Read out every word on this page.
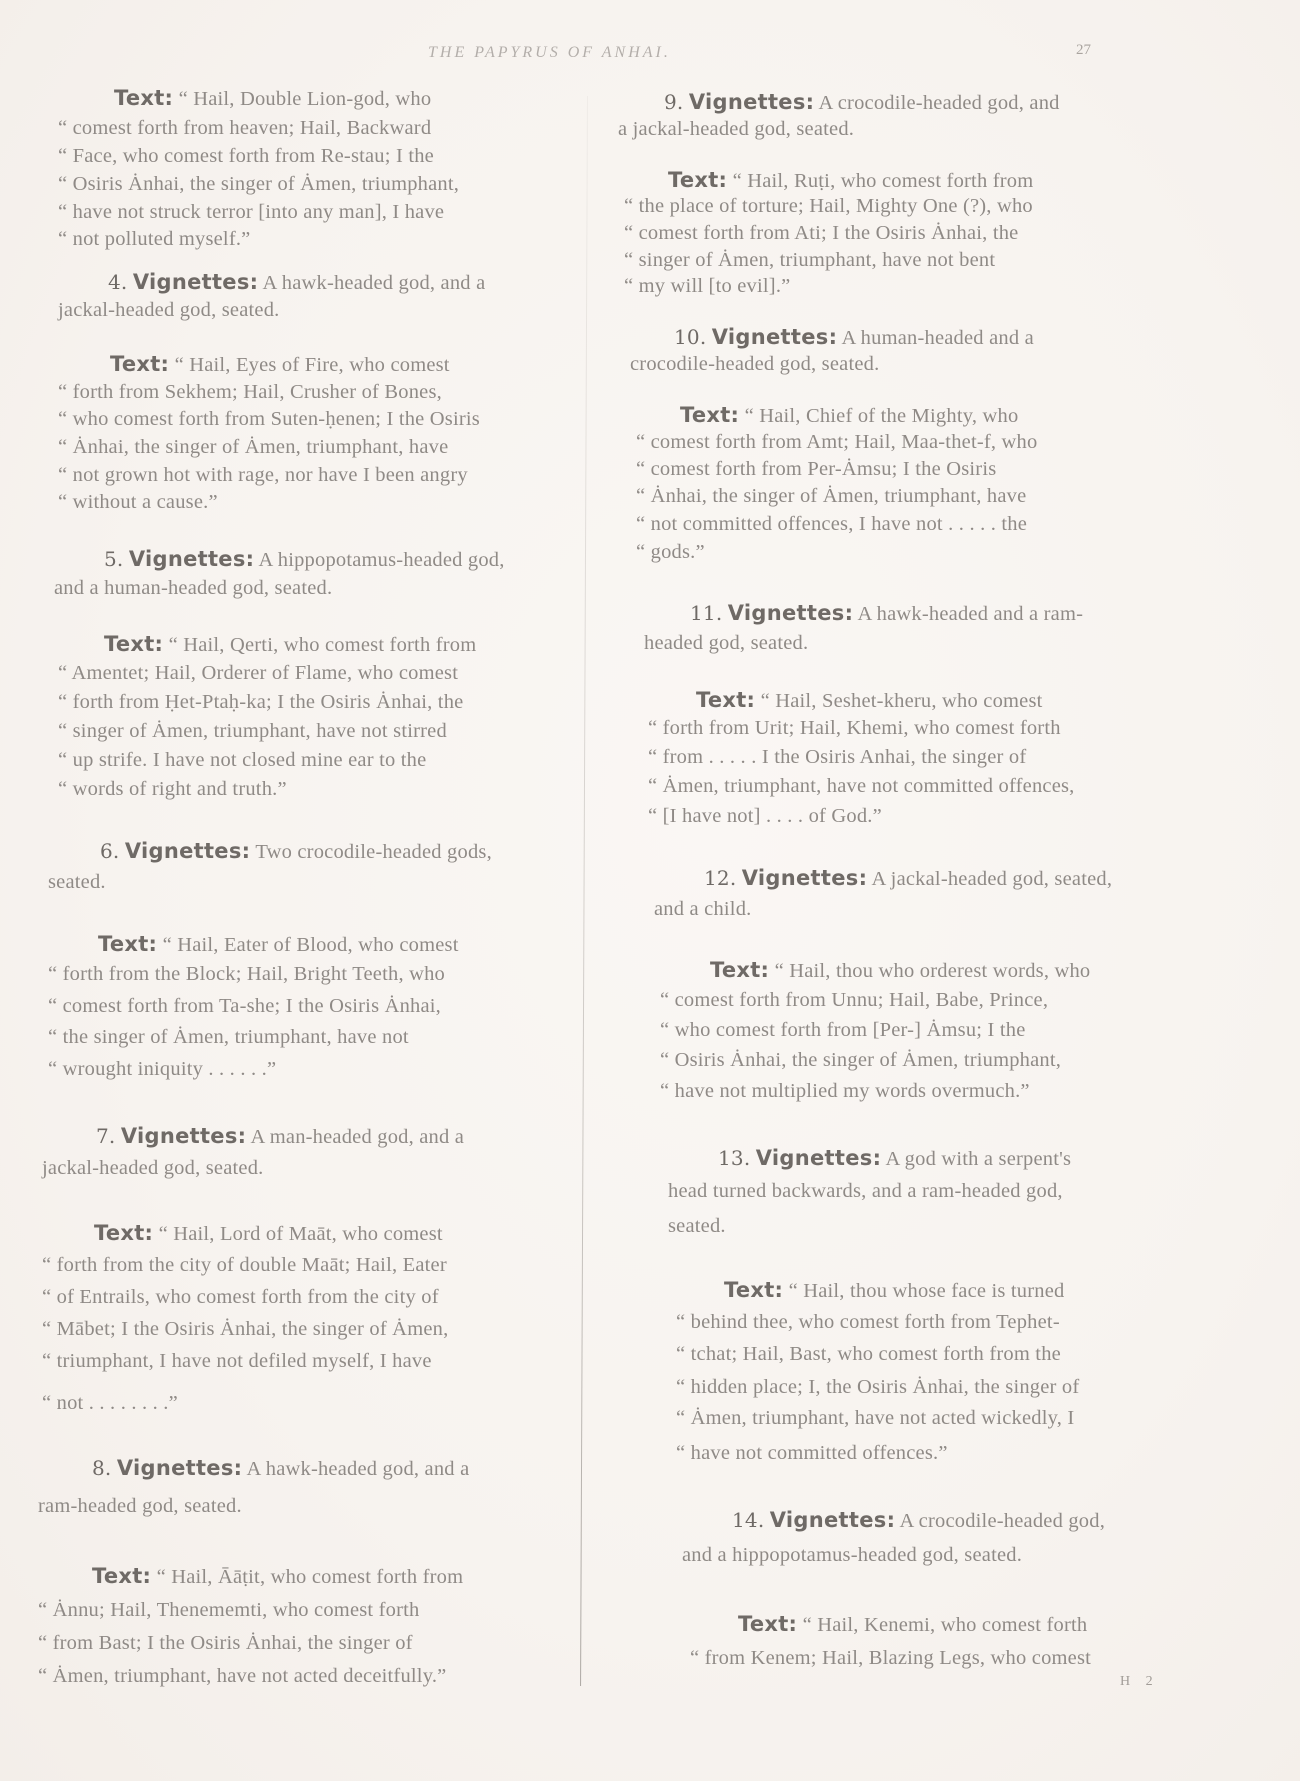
THE PAPYRUS OF ANHAI.	27
Text: “ Hail, Double Lion-god, who
“ comest forth from heaven; Hail, Backward
“ Face, who comest forth from Re-stau; I the
“ Osiris Ȧnhai, the singer of Ȧmen, triumphant,
“ have not struck terror [into any man], I have
“ not polluted myself.”
4. Vignettes: A hawk-headed god, and a
jackal-headed god, seated.
Text: “ Hail, Eyes of Fire, who comest
“ forth from Sekhem; Hail, Crusher of Bones,
“ who comest forth from Suten-ḥenen; I the Osiris
“ Ȧnhai, the singer of Ȧmen, triumphant, have
“ not grown hot with rage, nor have I been angry
“ without a cause.”
5. Vignettes: A hippopotamus-headed god,
and a human-headed god, seated.
Text: “ Hail, Qerti, who comest forth from
“ Amentet; Hail, Orderer of Flame, who comest
“ forth from Ḥet-Ptaḥ-ka; I the Osiris Ȧnhai, the
“ singer of Ȧmen, triumphant, have not stirred
“ up strife. I have not closed mine ear to the
“ words of right and truth.”
6. Vignettes: Two crocodile-headed gods,
seated.
Text: “ Hail, Eater of Blood, who comest
“ forth from the Block; Hail, Bright Teeth, who
“ comest forth from Ta-she; I the Osiris Ȧnhai,
“ the singer of Ȧmen, triumphant, have not
“ wrought iniquity . . . . . .”
7. Vignettes: A man-headed god, and a
jackal-headed god, seated.
Text: “ Hail, Lord of Maāt, who comest
“ forth from the city of double Maāt; Hail, Eater
“ of Entrails, who comest forth from the city of
“ Mābet; I the Osiris Ȧnhai, the singer of Ȧmen,
“ triumphant, I have not defiled myself, I have
“ not . . . . . . . .”
8. Vignettes: A hawk-headed god, and a
ram-headed god, seated.
Text: “ Hail, Āāṭit, who comest forth from
“ Ȧnnu; Hail, Thenememti, who comest forth
“ from Bast; I the Osiris Ȧnhai, the singer of
“ Ȧmen, triumphant, have not acted deceitfully.”
9. Vignettes: A crocodile-headed god, and
a jackal-headed god, seated.
Text: “ Hail, Ruṭi, who comest forth from
“ the place of torture; Hail, Mighty One (?), who
“ comest forth from Ati; I the Osiris Ȧnhai, the
“ singer of Ȧmen, triumphant, have not bent
“ my will [to evil].”
10. Vignettes: A human-headed and a
crocodile-headed god, seated.
Text: “ Hail, Chief of the Mighty, who
“ comest forth from Amt; Hail, Maa-thet-f, who
“ comest forth from Per-Ȧmsu; I the Osiris
“ Ȧnhai, the singer of Ȧmen, triumphant, have
“ not committed offences, I have not . . . . . the
“ gods.”
11. Vignettes: A hawk-headed and a ram-
headed god, seated.
Text: “ Hail, Seshet-kheru, who comest
“ forth from Urit; Hail, Khemi, who comest forth
“ from . . . . . I the Osiris Anhai, the singer of
“ Ȧmen, triumphant, have not committed offences,
“ [I have not] . . . . of God.”
12. Vignettes: A jackal-headed god, seated,
and a child.
Text: “ Hail, thou who orderest words, who
“ comest forth from Unnu; Hail, Babe, Prince,
“ who comest forth from [Per-] Ȧmsu; I the
“ Osiris Ȧnhai, the singer of Ȧmen, triumphant,
“ have not multiplied my words overmuch.”
13. Vignettes: A god with a serpent's
head turned backwards, and a ram-headed god,
seated.
Text: “ Hail, thou whose face is turned
“ behind thee, who comest forth from Tephet-
“ tchat; Hail, Bast, who comest forth from the
“ hidden place; I, the Osiris Ȧnhai, the singer of
“ Ȧmen, triumphant, have not acted wickedly, I
“ have not committed offences.”
14. Vignettes: A crocodile-headed god,
and a hippopotamus-headed god, seated.
Text: “ Hail, Kenemi, who comest forth
“ from Kenem; Hail, Blazing Legs, who comest
H 2
